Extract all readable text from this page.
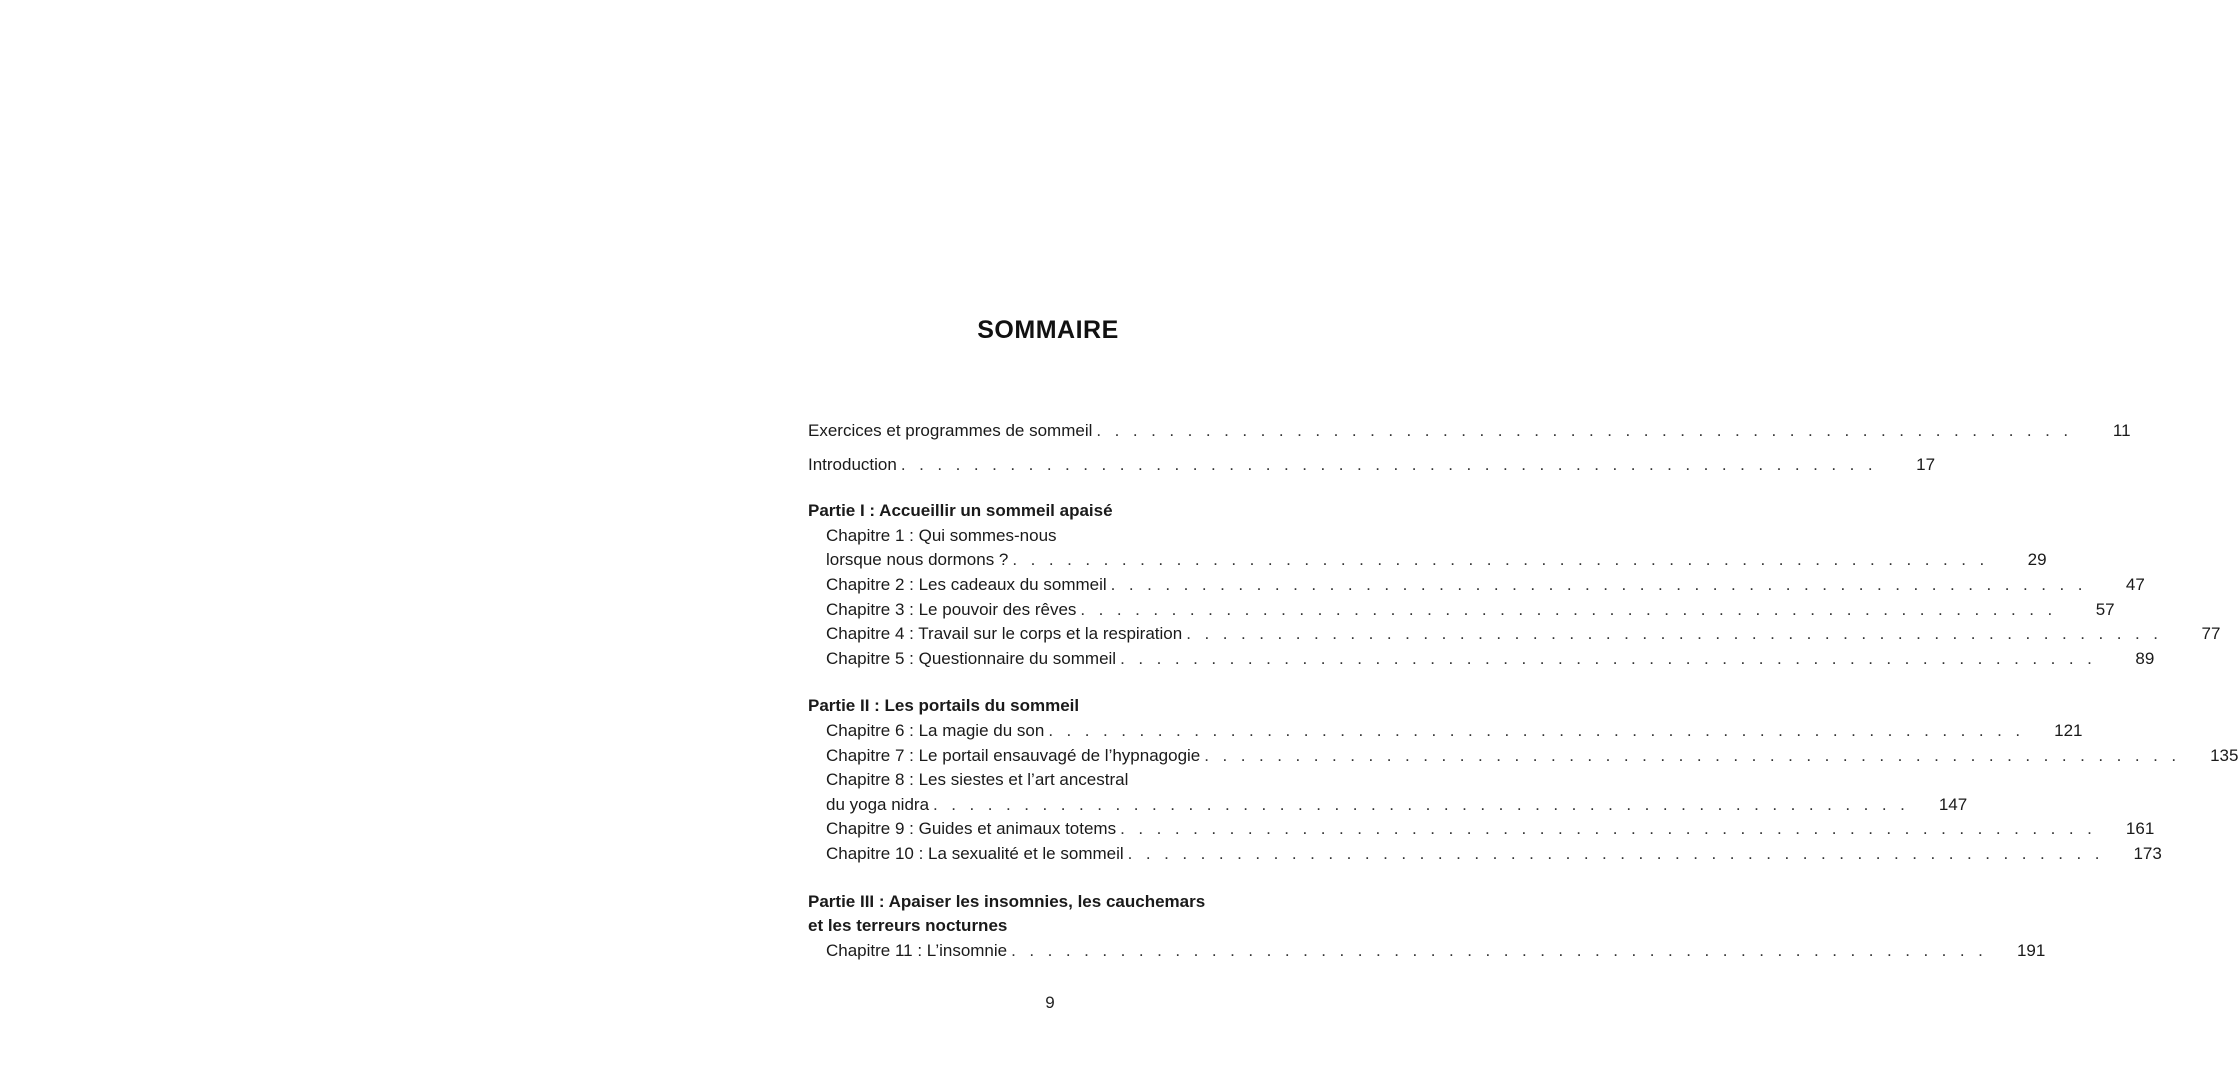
SOMMAIRE
Exercices et programmes de sommeil . . . . . . . . . . . . . . . . . . . . . . . . . . . . . . . . . . . . . . . . . . . . . . . . . . . . . .	11
Introduction . . . . . . . . . . . . . . . . . . . . . . . . . . . . . . . . . . . . . . . . . . . . . . . . . . . . . .	17
Partie I : Accueillir un sommeil apaisé
Chapitre 1 : Qui sommes-nous
lorsque nous dormons ? . . . . . . . . . . . . . . . . . . . . . . . . . . . . . . . . . . . . . . . . . . . . . . . . . . . . . .	29
Chapitre 2 : Les cadeaux du sommeil . . . . . . . . . . . . . . . . . . . . . . . . . . . . . . . . . . . . . . . . . . . . . . . . . . . . . .	47
Chapitre 3 : Le pouvoir des rêves . . . . . . . . . . . . . . . . . . . . . . . . . . . . . . . . . . . . . . . . . . . . . . . . . . . . . .	57
Chapitre 4 : Travail sur le corps et la respiration . . . . . . . . . . . . . . . . . . . . . . . . . . . . . . . . . . . . . . . . . . . . . . . . . . . . . .	77
Chapitre 5 : Questionnaire du sommeil . . . . . . . . . . . . . . . . . . . . . . . . . . . . . . . . . . . . . . . . . . . . . . . . . . . . . .	89
Partie II : Les portails du sommeil
Chapitre 6 : La magie du son . . . . . . . . . . . . . . . . . . . . . . . . . . . . . . . . . . . . . . . . . . . . . . . . . . . . . .	121
Chapitre 7 : Le portail ensauvagé de l’hypnagogie . . . . . . . . . . . . . . . . . . . . . . . . . . . . . . . . . . . . . . . . . . . . . . . . . . . . . .	135
Chapitre 8 : Les siestes et l’art ancestral
du yoga nidra . . . . . . . . . . . . . . . . . . . . . . . . . . . . . . . . . . . . . . . . . . . . . . . . . . . . . .	147
Chapitre 9 : Guides et animaux totems . . . . . . . . . . . . . . . . . . . . . . . . . . . . . . . . . . . . . . . . . . . . . . . . . . . . . .	161
Chapitre 10 : La sexualité et le sommeil . . . . . . . . . . . . . . . . . . . . . . . . . . . . . . . . . . . . . . . . . . . . . . . . . . . . . .	173
Partie III : Apaiser les insomnies, les cauchemars
et les terreurs nocturnes
Chapitre 11 : L’insomnie . . . . . . . . . . . . . . . . . . . . . . . . . . . . . . . . . . . . . . . . . . . . . . . . . . . . . .	191
9
